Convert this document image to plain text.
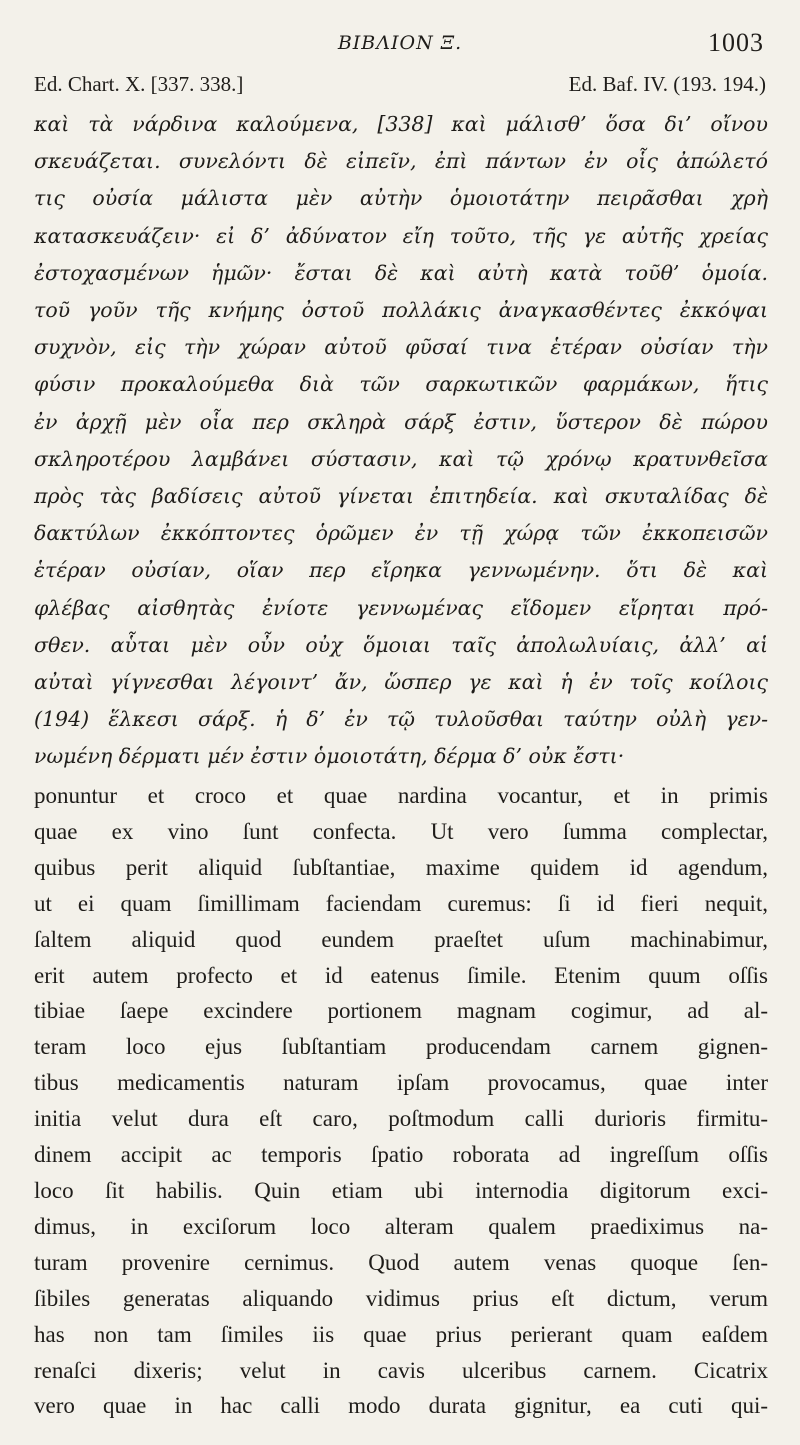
ΒΙΒΛΙΟΝ Ξ.	1003
Ed. Chart. X. [337. 338.]	Ed. Baf. IV. (193. 194.)
καὶ τὰ νάρδινα καλούμενα, [338] καὶ μάλισθ’ ὅσα δι’ οἴνου
σκευάζεται. συνελόντι δὲ εἰπεῖν, ἐπὶ πάντων ἐν οἷς ἀπώλετό
τις οὐσία μάλιστα μὲν αὐτὴν ὁμοιοτάτην πειρᾶσθαι χρὴ
κατασκευάζειν· εἰ δ’ ἀδύνατον εἴη τοῦτο, τῆς γε αὐτῆς χρείας
ἐστοχασμένων ἡμῶν· ἔσται δὲ καὶ αὐτὴ κατὰ τοῦθ’ ὁμοία.
τοῦ γοῦν τῆς κνήμης ὀστοῦ πολλάκις ἀναγκασθέντες ἐκκόψαι
συχνὸν, εἰς τὴν χώραν αὐτοῦ φῦσαί τινα ἑτέραν οὐσίαν τὴν
φύσιν προκαλούμεθα διὰ τῶν σαρκωτικῶν φαρμάκων, ἥτις
ἐν ἀρχῇ μὲν οἷα περ σκληρὰ σάρξ ἐστιν, ὕστερον δὲ πώρου
σκληροτέρου λαμβάνει σύστασιν, καὶ τῷ χρόνῳ κρατυνθεῖσα
πρὸς τὰς βαδίσεις αὐτοῦ γίνεται ἐπιτηδεία. καὶ σκυταλίδας δὲ
δακτύλων ἐκκόπτοντες ὁρῶμεν ἐν τῇ χώρᾳ τῶν ἐκκοπεισῶν
ἑτέραν οὐσίαν, οἵαν περ εἴρηκα γεννωμένην. ὅτι δὲ καὶ
φλέβας αἰσθητὰς ἐνίοτε γεννωμένας εἴδομεν εἴρηται πρό-
σθεν. αὗται μὲν οὖν οὐχ ὅμοιαι ταῖς ἀπολωλυίαις, ἀλλ’ αἱ
αὐταὶ γίγνεσθαι λέγοιντ’ ἄν, ὥσπερ γε καὶ ἡ ἐν τοῖς κοίλοις
(194) ἕλκεσι σάρξ. ἡ δ’ ἐν τῷ τυλοῦσθαι ταύτην οὐλὴ γεν-
νωμένη δέρματι μέν ἐστιν ὁμοιοτάτη, δέρμα δ’ οὐκ ἔστι·
ponuntur et croco et quae nardina vocantur, et in primis
quae ex vino ſunt confecta. Ut vero ſumma complectar,
quibus perit aliquid ſubſtantiae, maxime quidem id agendum,
ut ei quam ſimillimam faciendam curemus: ſi id fieri nequit,
ſaltem aliquid quod eundem praeſtet uſum machinabimur,
erit autem profecto et id eatenus ſimile. Etenim quum oſſis
tibiae ſaepe excindere portionem magnam cogimur, ad al-
teram loco ejus ſubſtantiam producendam carnem gignen-
tibus medicamentis naturam ipſam provocamus, quae inter
initia velut dura eſt caro, poſtmodum calli durioris firmitu-
dinem accipit ac temporis ſpatio roborata ad ingreſſum oſſis
loco ſit habilis. Quin etiam ubi internodia digitorum exci-
dimus, in exciſorum loco alteram qualem praediximus na-
turam provenire cernimus. Quod autem venas quoque ſen-
ſibiles generatas aliquando vidimus prius eſt dictum, verum
has non tam ſimiles iis quae prius perierant quam eaſdem
renaſci dixeris; velut in cavis ulceribus carnem. Cicatrix
vero quae in hac calli modo durata gignitur, ea cuti qui-
